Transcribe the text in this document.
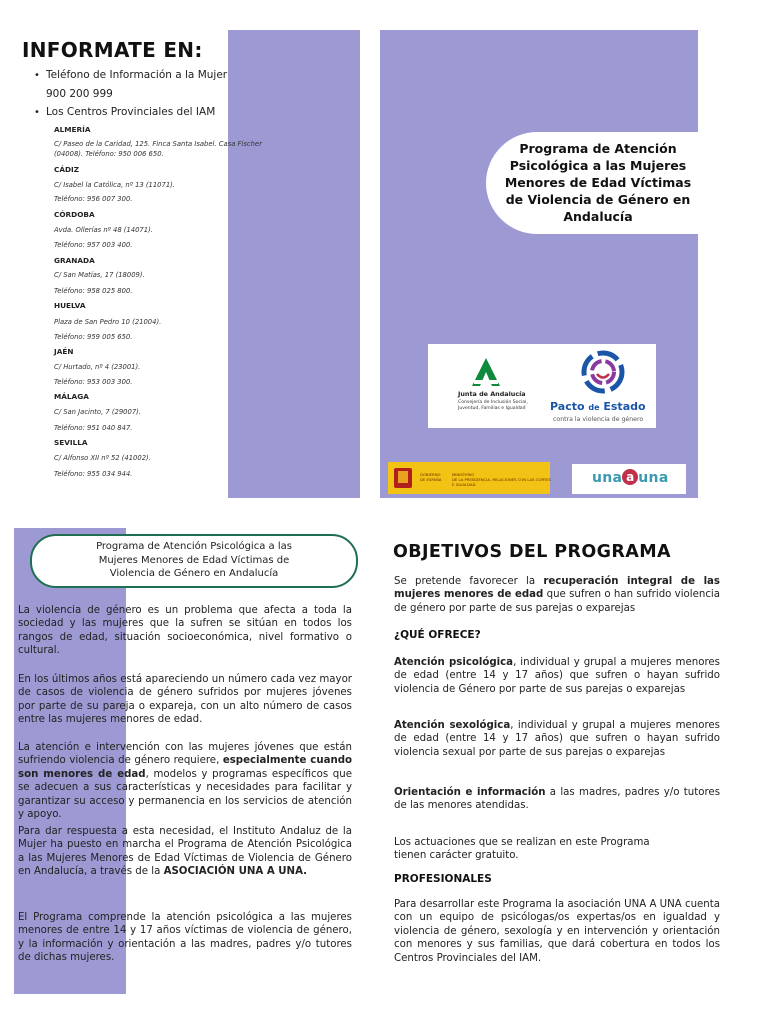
INFORMATE EN:
• Teléfono de Información a la Mujer
900 200 999
• Los Centros Provinciales del IAM
ALMERÍA
C/ Paseo de la Caridad, 125. Finca Santa Isabel. Casa Fischer
(04008). Teléfono: 950 006 650.
CÁDIZ
C/ Isabel la Católica, nº 13 (11071).
Teléfono: 956 007 300.
CÓRDOBA
Avda. Ollerías nº 48 (14071).
Teléfono: 957 003 400.
GRANADA
C/ San Matías, 17 (18009).
Teléfono: 958 025 800.
HUELVA
Plaza de San Pedro 10 (21004).
Teléfono: 959 005 650.
JAÉN
C/ Hurtado, nº 4 (23001).
Teléfono: 953 003 300.
MÁLAGA
C/ San Jacinto, 7 (29007).
Teléfono: 951 040 847.
SEVILLA
C/ Alfonso XII nº 52 (41002).
Teléfono: 955 034 944.
Programa de Atención
Psicológica a las Mujeres
Menores de Edad Víctimas
de Violencia de Género en
Andalucía
Junta de Andalucía
Consejería de Inclusión Social,
Juventud, Familias e Igualdad Pacto de Estado
contra la violencia de género
GOBIERNO
DE ESPAÑA
MINISTERIO
DE LA PRESIDENCIA, RELACIONES CON LAS CORTES
E IGUALDAD	una a una
Programa de Atención Psicológica a las
Mujeres Menores de Edad Víctimas de
Violencia de Género en Andalucía
La violencia de género es un problema que afecta a toda la sociedad y las mujeres que la sufren se sitúan en todos los rangos de edad, situación socioeconómica, nivel formativo o cultural.
En los últimos años está apareciendo un número cada vez mayor de casos de violencia de género sufridos por mujeres jóvenes por parte de su pareja o expareja, con un alto número de casos entre las mujeres menores de edad.
La atención e intervención con las mujeres jóvenes que están sufriendo violencia de género requiere, especialmente cuando son menores de edad, modelos y programas específicos que se adecuen a sus características y necesidades para facilitar y garantizar su acceso y permanencia en los servicios de atención y apoyo.
Para dar respuesta a esta necesidad, el Instituto Andaluz de la Mujer ha puesto en marcha el Programa de Atención Psicológica a las Mujeres Menores de Edad Víctimas de Violencia de Género en Andalucía, a través de la ASOCIACIÓN UNA A UNA.
El Programa comprende la atención psicológica a las mujeres menores de entre 14 y 17 años víctimas de violencia de género, y la información y orientación a las madres, padres y/o tutores de dichas mujeres.
OBJETIVOS DEL PROGRAMA
Se pretende favorecer la recuperación integral de las mujeres menores de edad que sufren o han sufrido violencia de género por parte de sus parejas o exparejas
¿QUÉ OFRECE?
Atención psicológica, individual y grupal a mujeres menores de edad (entre 14 y 17 años) que sufren o hayan sufrido violencia de Género por parte de sus parejas o exparejas
Atención sexológica, individual y grupal a mujeres menores de edad (entre 14 y 17 años) que sufren o hayan sufrido violencia sexual por parte de sus parejas o exparejas
Orientación e información a las madres, padres y/o tutores de las menores atendidas.
Los actuaciones que se realizan en este Programa tienen carácter gratuito.
PROFESIONALES
Para desarrollar este Programa la asociación UNA A UNA cuenta con un equipo de psicólogas/os expertas/os en igualdad y violencia de género, sexología y en intervención y orientación con menores y sus familias, que dará cobertura en todos los Centros Provinciales del IAM.
